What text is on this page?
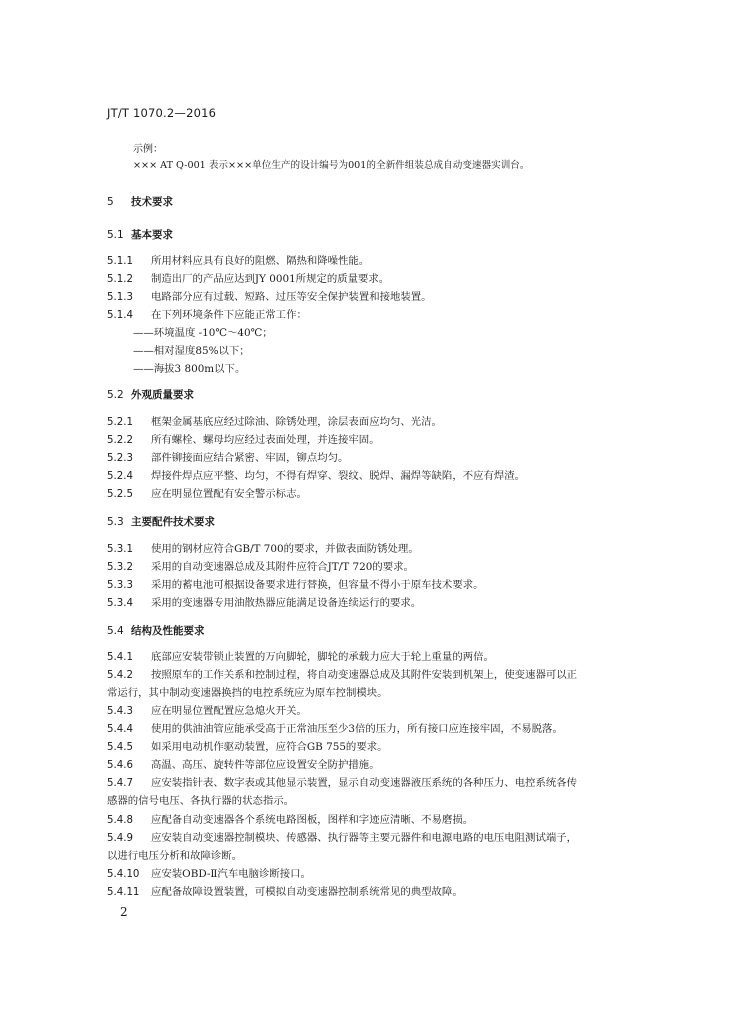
JT/T 1070.2—2016
示例：
××× AT Q-001 表示×××单位生产的设计编号为001的全新件组装总成自动变速器实训台。
5 技术要求
5.1 基本要求
5.1.1 所用材料应具有良好的阻燃、隔热和降噪性能。
5.1.2 制造出厂的产品应达到JY 0001所规定的质量要求。
5.1.3 电路部分应有过载、短路、过压等安全保护装置和接地装置。
5.1.4 在下列环境条件下应能正常工作：
——环境温度 -10℃～40℃；
——相对湿度85%以下；
——海拔3 800m以下。
5.2 外观质量要求
5.2.1 框架金属基底应经过除油、除锈处理，涂层表面应均匀、光洁。
5.2.2 所有螺栓、螺母均应经过表面处理，并连接牢固。
5.2.3 部件铆接面应结合紧密、牢固，铆点均匀。
5.2.4 焊接件焊点应平整、均匀，不得有焊穿、裂纹、脱焊、漏焊等缺陷，不应有焊渣。
5.2.5 应在明显位置配有安全警示标志。
5.3 主要配件技术要求
5.3.1 使用的钢材应符合GB/T 700的要求，并做表面防锈处理。
5.3.2 采用的自动变速器总成及其附件应符合JT/T 720的要求。
5.3.3 采用的蓄电池可根据设备要求进行替换，但容量不得小于原车技术要求。
5.3.4 采用的变速器专用油散热器应能满足设备连续运行的要求。
5.4 结构及性能要求
5.4.1 底部应安装带锁止装置的万向脚轮，脚轮的承载力应大于轮上重量的两倍。
5.4.2 按照原车的工作关系和控制过程，将自动变速器总成及其附件安装到机架上，使变速器可以正
常运行，其中制动变速器换挡的电控系统应为原车控制模块。
5.4.3 应在明显位置配置应急熄火开关。
5.4.4 使用的供油油管应能承受高于正常油压至少3倍的压力，所有接口应连接牢固，不易脱落。
5.4.5 如采用电动机作驱动装置，应符合GB 755的要求。
5.4.6 高温、高压、旋转件等部位应设置安全防护措施。
5.4.7 应安装指针表、数字表或其他显示装置，显示自动变速器液压系统的各种压力、电控系统各传
感器的信号电压、各执行器的状态指示。
5.4.8 应配备自动变速器各个系统电路图板，图样和字迹应清晰、不易磨损。
5.4.9 应安装自动变速器控制模块、传感器、执行器等主要元器件和电源电路的电压电阻测试端子，
以进行电压分析和故障诊断。
5.4.10 应安装OBD-Ⅱ汽车电脑诊断接口。
5.4.11 应配备故障设置装置，可模拟自动变速器控制系统常见的典型故障。
2
